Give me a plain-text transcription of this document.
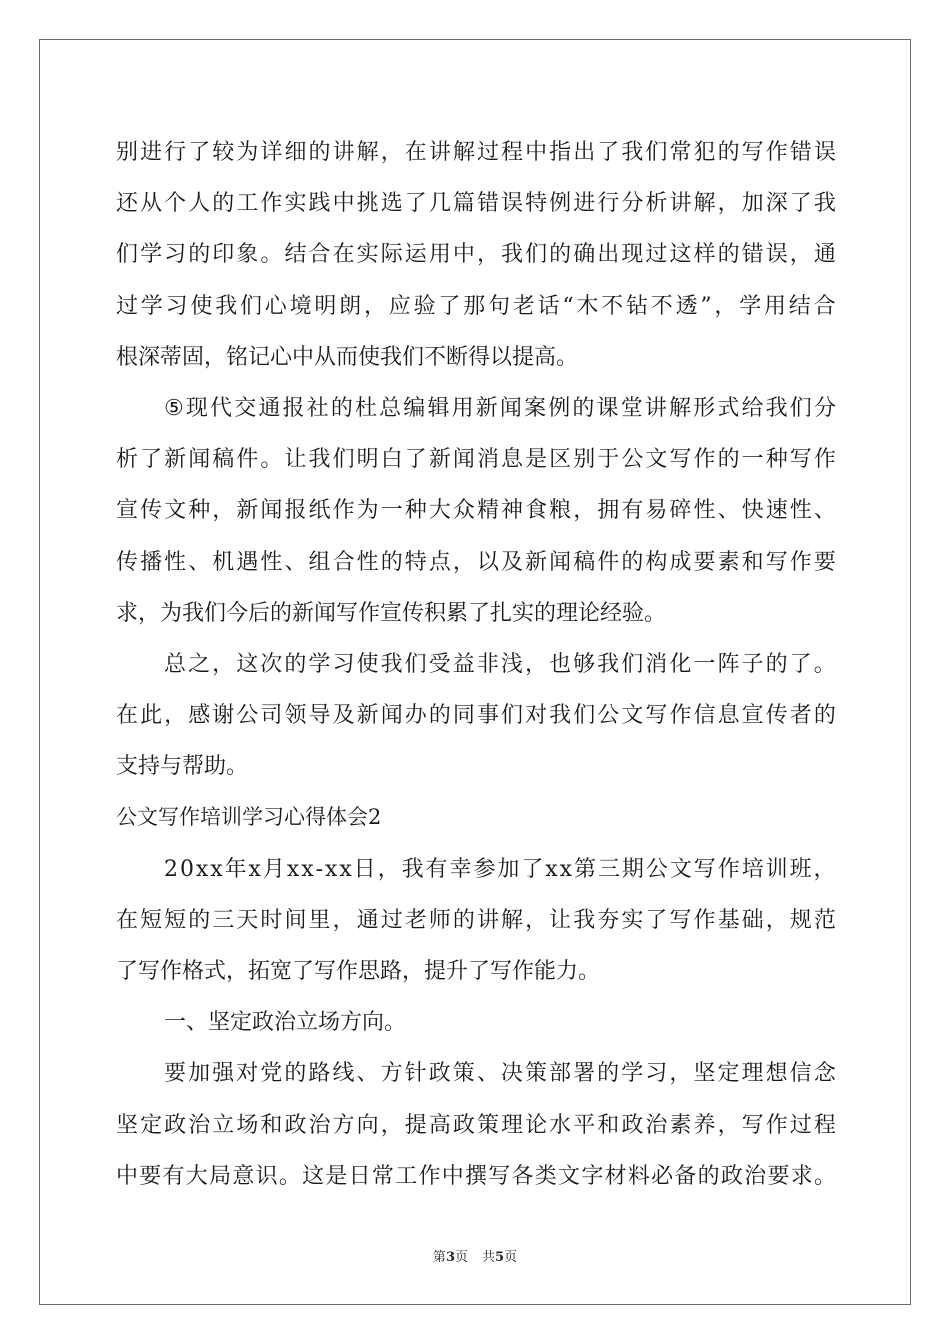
别 进 行 了 较 为 详 细 的 讲 解 ， 在 讲 解 过 程 中 指 出 了 我 们 常 犯 的 写 作 错 误
还 从 个 人 的 工 作 实 践 中 挑 选 了 几 篇 错 误 特 例 进 行 分 析 讲 解 ， 加 深 了 我
们 学 习 的 印 象 。 结 合 在 实 际 运 用 中 ， 我 们 的 确 出 现 过 这 样 的 错 误 ， 通
过 学 习 使 我 们 心 境 明 朗 ， 应 验 了 那 句 老 话 “ 木 不 钻 不 透 ” ， 学 用 结 合
根深蒂固，铭记心中从而使我们不断得以提高。
⑤ 现 代 交 通 报 社 的 杜 总 编 辑 用 新 闻 案 例 的 课 堂 讲 解 形 式 给 我 们 分
析 了 新 闻 稿 件 。 让 我 们 明 白 了 新 闻 消 息 是 区 别 于 公 文 写 作 的 一 种 写 作
宣 传 文 种 ， 新 闻 报 纸 作 为 一 种 大 众 精 神 食 粮 ， 拥 有 易 碎 性 、 快 速 性 、
传 播 性 、 机 遇 性 、 组 合 性 的 特 点 ， 以 及 新 闻 稿 件 的 构 成 要 素 和 写 作 要
求，为我们今后的新闻写作宣传积累了扎实的理论经验。
总 之 ， 这 次 的 学 习 使 我 们 受 益 非 浅 ， 也 够 我 们 消 化 一 阵 子 的 了 。
在 此 ， 感 谢 公 司 领 导 及 新 闻 办 的 同 事 们 对 我 们 公 文 写 作 信 息 宣 传 者 的
支持与帮助。
公文写作培训学习心得体会2
2 0 x x 年 x 月 x x - x x 日 ， 我 有 幸 参 加 了 x x 第 三 期 公 文 写 作 培 训 班 ，
在 短 短 的 三 天 时 间 里 ， 通 过 老 师 的 讲 解 ， 让 我 夯 实 了 写 作 基 础 ， 规 范
了写作格式，拓宽了写作思路，提升了写作能力。
一、坚定政治立场方向。
要 加 强 对 党 的 路 线 、 方 针 政 策 、 决 策 部 署 的 学 习 ， 坚 定 理 想 信 念
坚 定 政 治 立 场 和 政 治 方 向 ， 提 高 政 策 理 论 水 平 和 政 治 素 养 ， 写 作 过 程
中 要 有 大 局 意 识 。 这 是 日 常 工 作 中 撰 写 各 类 文 字 材 料 必 备 的 政 治 要 求 。
第3页 共5页
